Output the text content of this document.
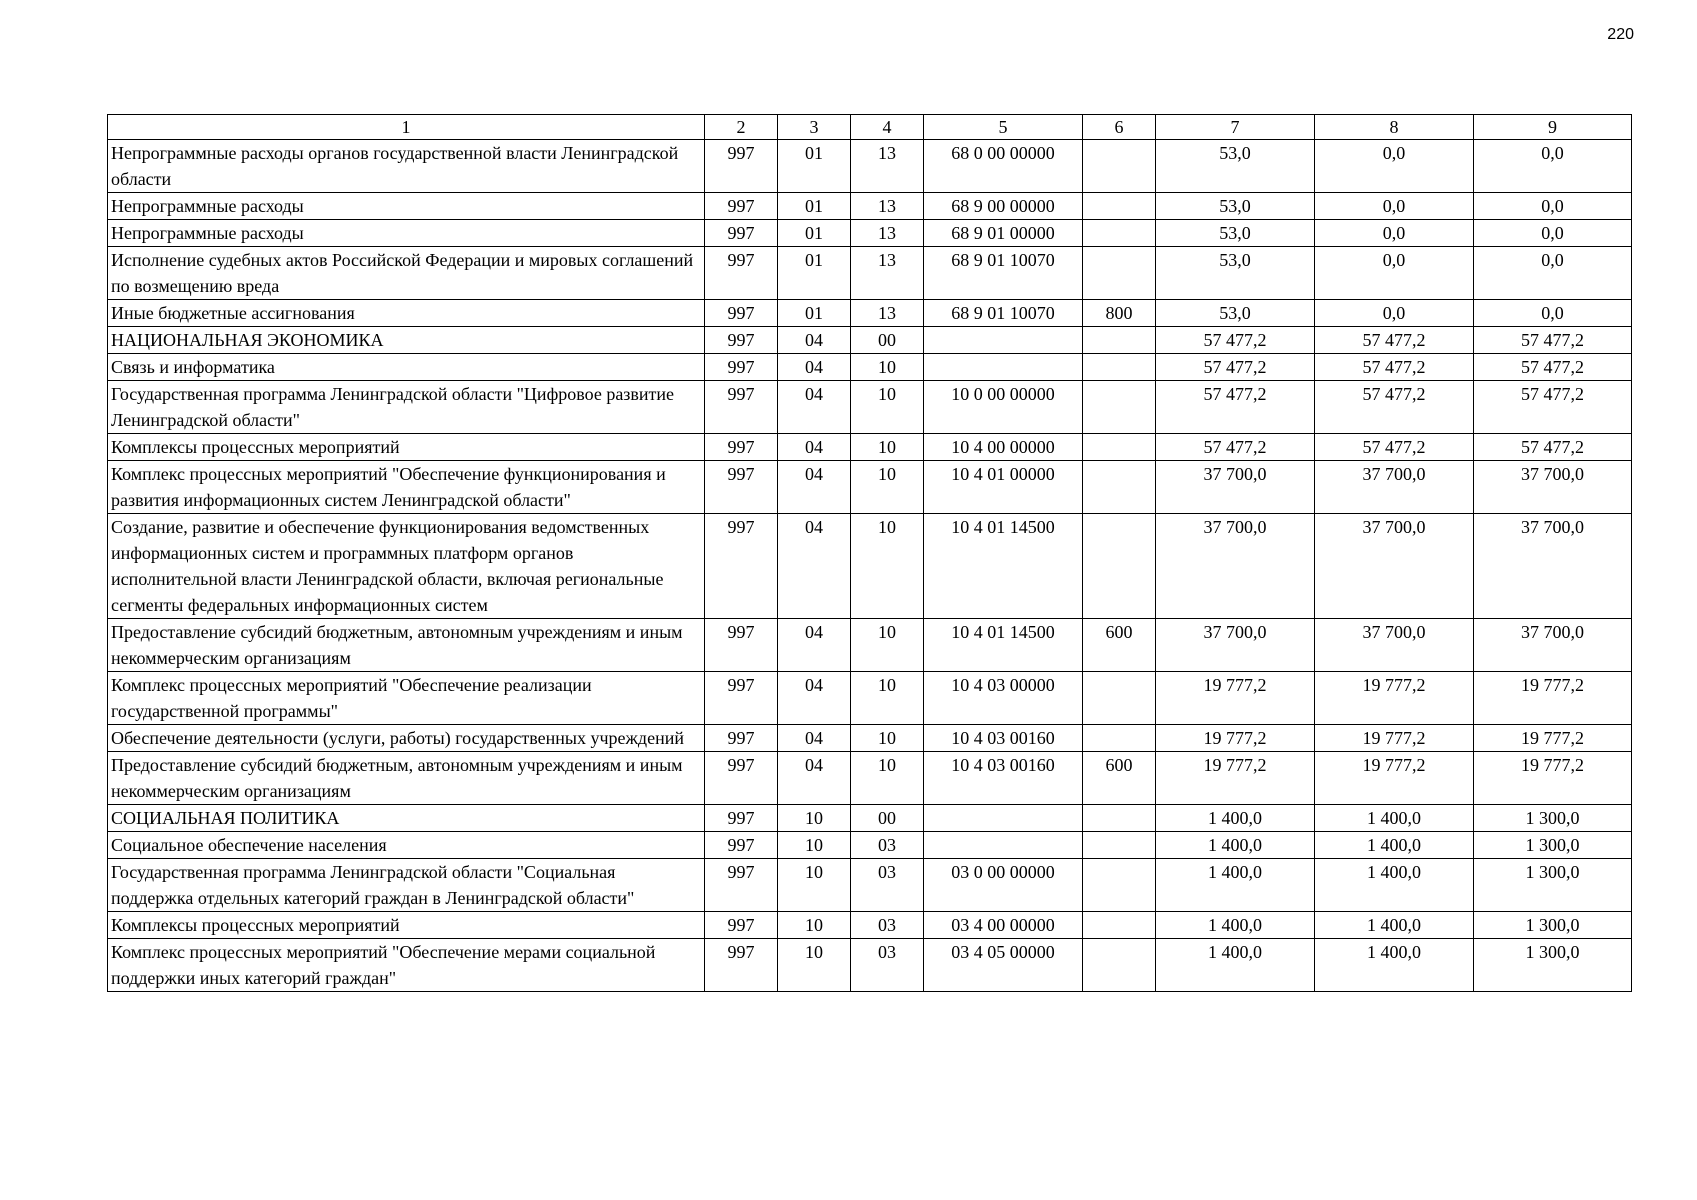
220
1	2	3	4	5	6	7	8	9
Непрограммные расходы органов государственной власти Ленинградской области	997	01	13	68 0 00 00000		53,0	0,0	0,0
Непрограммные расходы	997	01	13	68 9 00 00000		53,0	0,0	0,0
Непрограммные расходы	997	01	13	68 9 01 00000		53,0	0,0	0,0
Исполнение судебных актов Российской Федерации и мировых соглашений по возмещению вреда	997	01	13	68 9 01 10070		53,0	0,0	0,0
Иные бюджетные ассигнования	997	01	13	68 9 01 10070	800	53,0	0,0	0,0
НАЦИОНАЛЬНАЯ ЭКОНОМИКА	997	04	00			57 477,2	57 477,2	57 477,2
Связь и информатика	997	04	10			57 477,2	57 477,2	57 477,2
Государственная программа Ленинградской области "Цифровое развитие Ленинградской области"	997	04	10	10 0 00 00000		57 477,2	57 477,2	57 477,2
Комплексы процессных мероприятий	997	04	10	10 4 00 00000		57 477,2	57 477,2	57 477,2
Комплекс процессных мероприятий "Обеспечение функционирования и развития информационных систем Ленинградской области"	997	04	10	10 4 01 00000		37 700,0	37 700,0	37 700,0
Создание, развитие и обеспечение функционирования ведомственных информационных систем и программных платформ органов исполнительной власти Ленинградской области, включая региональные сегменты федеральных информационных систем	997	04	10	10 4 01 14500		37 700,0	37 700,0	37 700,0
Предоставление субсидий бюджетным, автономным учреждениям и иным некоммерческим организациям	997	04	10	10 4 01 14500	600	37 700,0	37 700,0	37 700,0
Комплекс процессных мероприятий "Обеспечение реализации государственной программы"	997	04	10	10 4 03 00000		19 777,2	19 777,2	19 777,2
Обеспечение деятельности (услуги, работы) государственных учреждений	997	04	10	10 4 03 00160		19 777,2	19 777,2	19 777,2
Предоставление субсидий бюджетным, автономным учреждениям и иным некоммерческим организациям	997	04	10	10 4 03 00160	600	19 777,2	19 777,2	19 777,2
СОЦИАЛЬНАЯ ПОЛИТИКА	997	10	00			1 400,0	1 400,0	1 300,0
Социальное обеспечение населения	997	10	03			1 400,0	1 400,0	1 300,0
Государственная программа Ленинградской области "Социальная поддержка отдельных категорий граждан в Ленинградской области"	997	10	03	03 0 00 00000		1 400,0	1 400,0	1 300,0
Комплексы процессных мероприятий	997	10	03	03 4 00 00000		1 400,0	1 400,0	1 300,0
Комплекс процессных мероприятий "Обеспечение мерами социальной поддержки иных категорий граждан"	997	10	03	03 4 05 00000		1 400,0	1 400,0	1 300,0
